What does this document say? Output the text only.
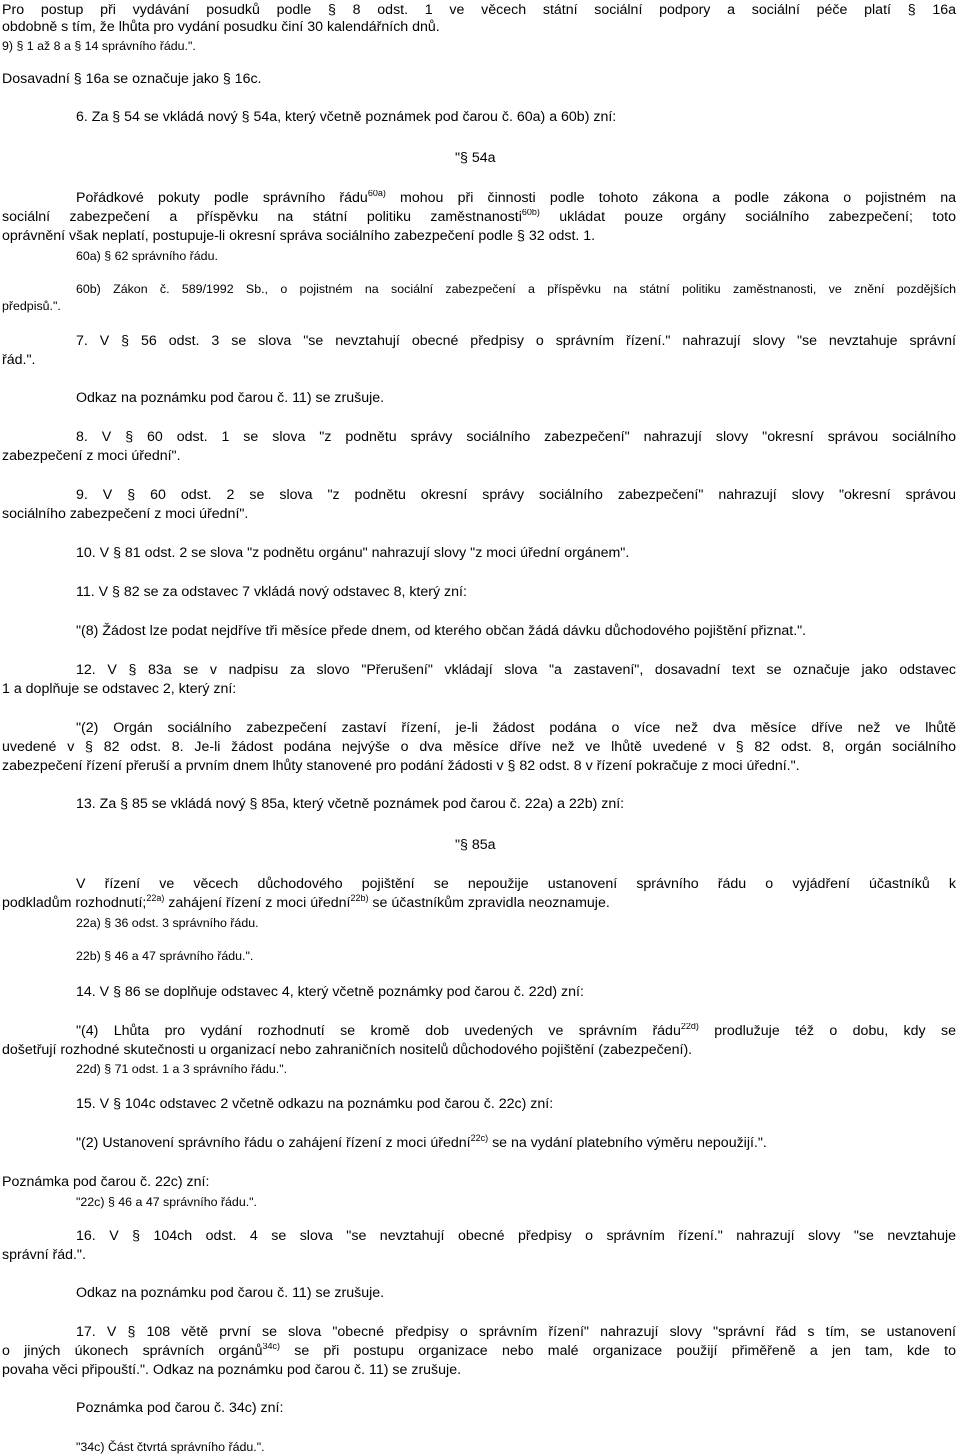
Pro postup při vydávání posudků podle § 8 odst. 1 ve věcech státní sociální podpory a sociální péče platí § 16a
obdobně s tím, že lhůta pro vydání posudku činí 30 kalendářních dnů.
9) § 1 až 8 a § 14 správního řádu.".
Dosavadní § 16a se označuje jako § 16c.
6. Za § 54 se vkládá nový § 54a, který včetně poznámek pod čarou č. 60a) a 60b) zní:
"§ 54a
Pořádkové pokuty podle správního řádu$^{60a)}$ mohou při činnosti podle tohoto zákona a podle zákona o pojistném na
sociální zabezpečení a příspěvku na státní politiku zaměstnanosti$^{60b)}$ ukládat pouze orgány sociálního zabezpečení; toto
oprávnění však neplatí, postupuje-li okresní správa sociálního zabezpečení podle § 32 odst. 1.
60a) § 62 správního řádu.
60b) Zákon č. 589/1992 Sb., o pojistném na sociální zabezpečení a příspěvku na státní politiku zaměstnanosti, ve znění pozdějších
předpisů.".
7. V § 56 odst. 3 se slova "se nevztahují obecné předpisy o správním řízení." nahrazují slovy "se nevztahuje správní
řád.".
Odkaz na poznámku pod čarou č. 11) se zrušuje.
8. V § 60 odst. 1 se slova "z podnětu správy sociálního zabezpečení" nahrazují slovy "okresní správou sociálního
zabezpečení z moci úřední".
9. V § 60 odst. 2 se slova "z podnětu okresní správy sociálního zabezpečení" nahrazují slovy "okresní správou
sociálního zabezpečení z moci úřední".
10. V § 81 odst. 2 se slova "z podnětu orgánu" nahrazují slovy "z moci úřední orgánem".
11. V § 82 se za odstavec 7 vkládá nový odstavec 8, který zní:
"(8) Žádost lze podat nejdříve tři měsíce přede dnem, od kterého občan žádá dávku důchodového pojištění přiznat.".
12. V § 83a se v nadpisu za slovo "Přerušení" vkládají slova "a zastavení", dosavadní text se označuje jako odstavec
1 a doplňuje se odstavec 2, který zní:
"(2) Orgán sociálního zabezpečení zastaví řízení, je-li žádost podána o více než dva měsíce dříve než ve lhůtě
uvedené v § 82 odst. 8. Je-li žádost podána nejvýše o dva měsíce dříve než ve lhůtě uvedené v § 82 odst. 8, orgán sociálního
zabezpečení řízení přeruší a prvním dnem lhůty stanovené pro podání žádosti v § 82 odst. 8 v řízení pokračuje z moci úřední.".
13. Za § 85 se vkládá nový § 85a, který včetně poznámek pod čarou č. 22a) a 22b) zní:
"§ 85a
V řízení ve věcech důchodového pojištění se nepoužije ustanovení správního řádu o vyjádření účastníků k
podkladům rozhodnutí;$^{22a)}$ zahájení řízení z moci úřední$^{22b)}$ se účastníkům zpravidla neoznamuje.
22a) § 36 odst. 3 správního řádu.
22b) § 46 a 47 správního řádu.".
14. V § 86 se doplňuje odstavec 4, který včetně poznámky pod čarou č. 22d) zní:
"(4) Lhůta pro vydání rozhodnutí se kromě dob uvedených ve správním řádu$^{22d)}$ prodlužuje též o dobu, kdy se
došetřují rozhodné skutečnosti u organizací nebo zahraničních nositelů důchodového pojištění (zabezpečení).
22d) § 71 odst. 1 a 3 správního řádu.".
15. V § 104c odstavec 2 včetně odkazu na poznámku pod čarou č. 22c) zní:
"(2) Ustanovení správního řádu o zahájení řízení z moci úřední$^{22c)}$ se na vydání platebního výměru nepoužijí.".
Poznámka pod čarou č. 22c) zní:
"22c) § 46 a 47 správního řádu.".
16. V § 104ch odst. 4 se slova "se nevztahují obecné předpisy o správním řízení." nahrazují slovy "se nevztahuje
správní řád.".
Odkaz na poznámku pod čarou č. 11) se zrušuje.
17. V § 108 větě první se slova "obecné předpisy o správním řízení" nahrazují slovy "správní řád s tím, se ustanovení
o jiných úkonech správních orgánů$^{34c)}$ se při postupu organizace nebo malé organizace použijí přiměřeně a jen tam, kde to
povaha věci připouští.". Odkaz na poznámku pod čarou č. 11) se zrušuje.
Poznámka pod čarou č. 34c) zní:
"34c) Část čtvrtá správního řádu.".
